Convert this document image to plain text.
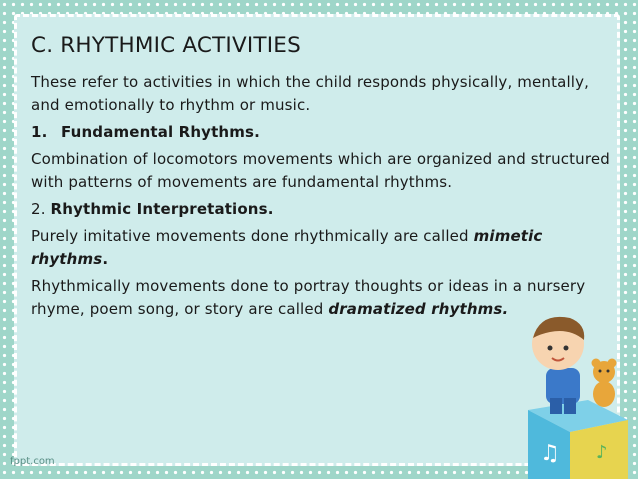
C. RHYTHMIC ACTIVITIES

These refer to activities in which the child responds physically, mentally, and emotionally to rhythm or music.

1. Fundamental Rhythms.

Combination of locomotors movements which are organized and structured with patterns of movements are fundamental rhythms.

2. Rhythmic Interpretations.

Purely imitative movements done rhythmically are called mimetic rhythms.

Rhythmically movements done to portray thoughts or ideas in a nursery rhyme, poem song, or story are called dramatized rhythms.

♫ ♪
fppt.com
